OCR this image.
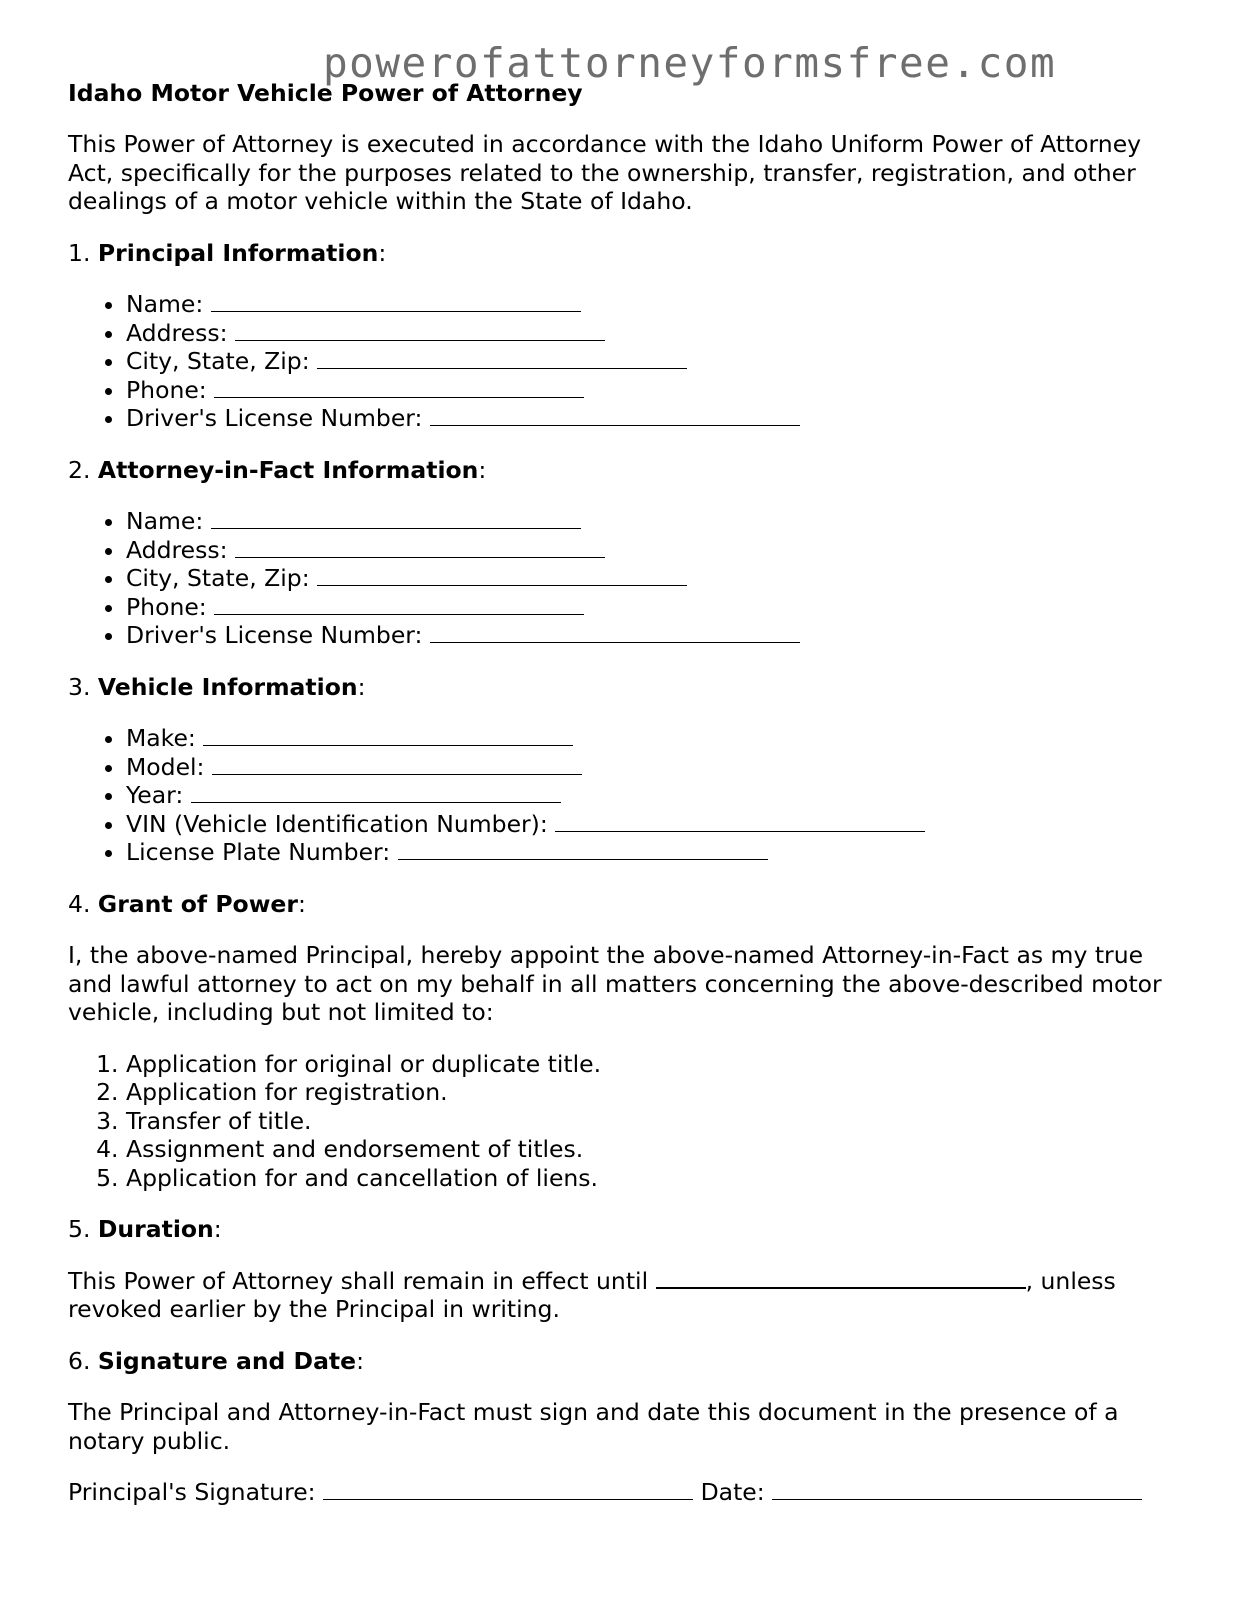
powerofattorneyformsfree.com
Idaho Motor Vehicle Power of Attorney

This Power of Attorney is executed in accordance with the Idaho Uniform Power of Attorney Act, specifically for the purposes related to the ownership, transfer, registration, and other dealings of a motor vehicle within the State of Idaho.

1. Principal Information:
• Name:
• Address:
• City, State, Zip:
• Phone:
• Driver's License Number:
2. Attorney-in-Fact Information:
• Name:
• Address:
• City, State, Zip:
• Phone:
• Driver's License Number:
3. Vehicle Information:
• Make:
• Model:
• Year:
• VIN (Vehicle Identification Number):
• License Plate Number:
4. Grant of Power:

I, the above-named Principal, hereby appoint the above-named Attorney-in-Fact as my true and lawful attorney to act on my behalf in all matters concerning the above-described motor vehicle, including but not limited to:

1. Application for original or duplicate title.
2. Application for registration.
3. Transfer of title.
4. Assignment and endorsement of titles.
5. Application for and cancellation of liens.
5. Duration:

This Power of Attorney shall remain in effect until	, unless revoked earlier by the Principal in writing.

6. Signature and Date:

The Principal and Attorney-in-Fact must sign and date this document in the presence of a notary public.

Principal's Signature:	Date:
